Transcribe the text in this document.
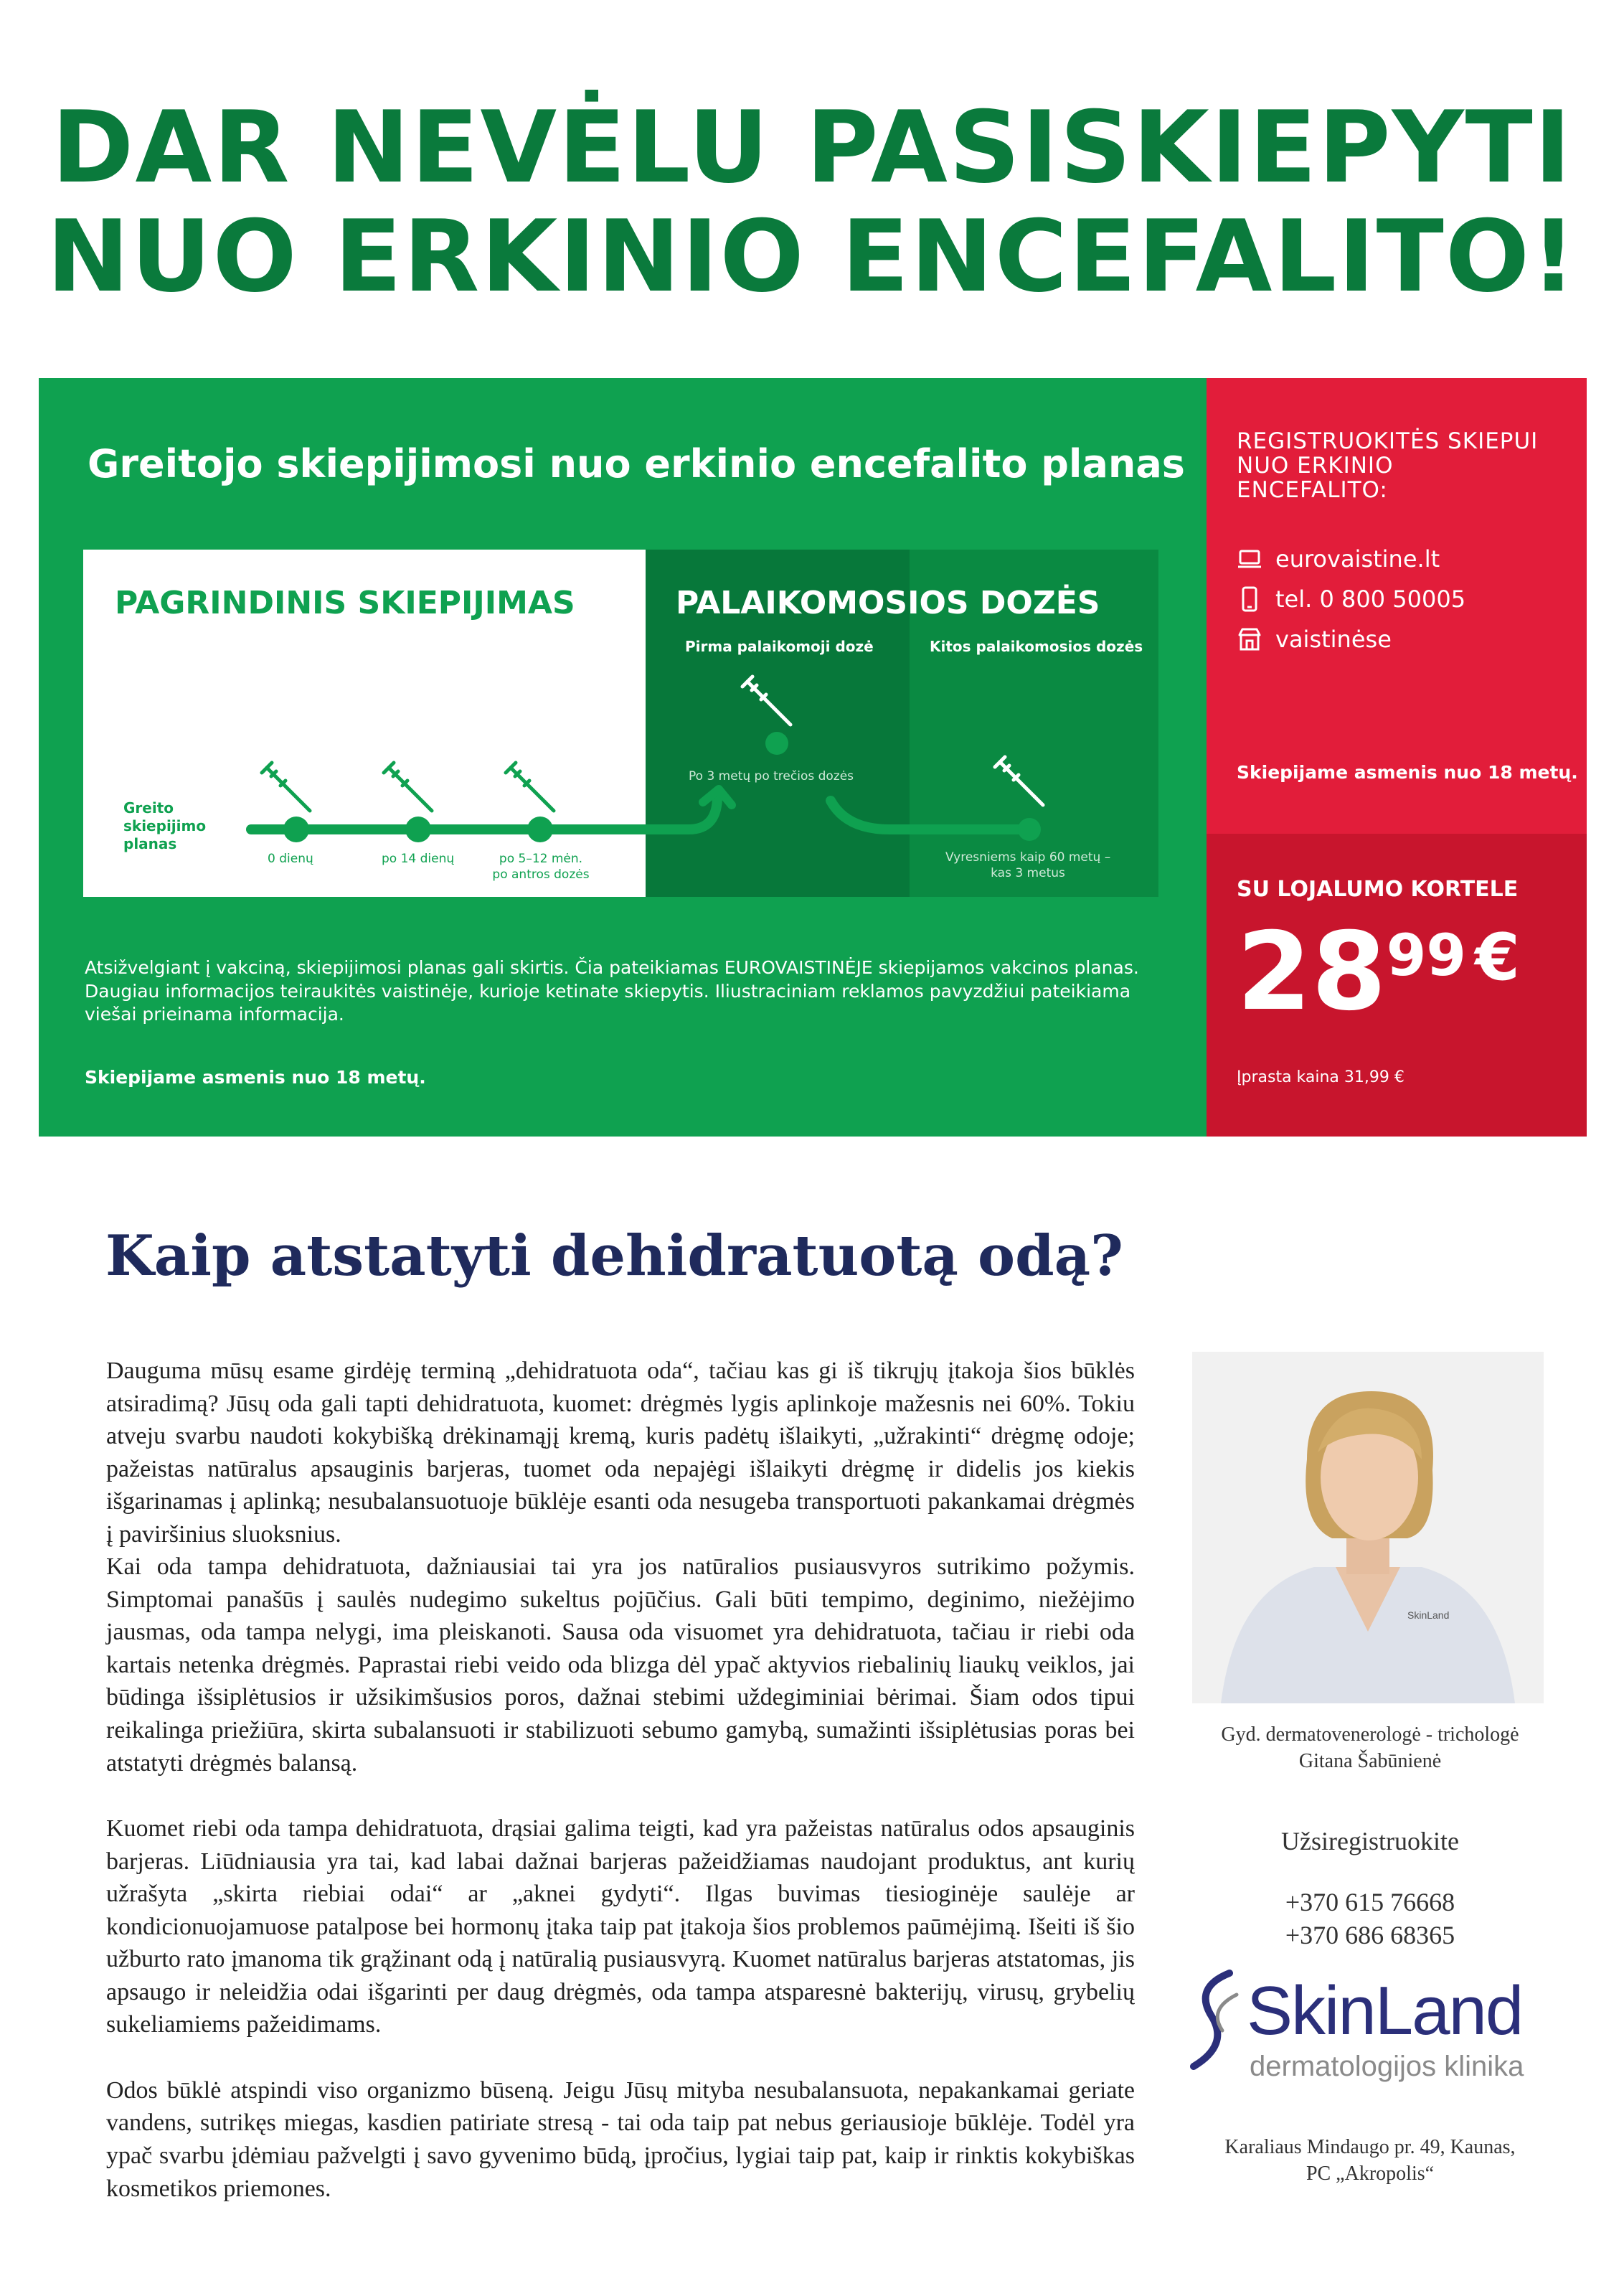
DAR NEVĖLU PASISKIEPYTI
NUO ERKINIO ENCEFALITO!
Greitojo skiepijimosi nuo erkinio encefalito planas
PAGRINDINIS SKIEPIJIMAS	PALAIKOMOSIOS DOZĖS
Pirma palaikomoji dozė	Kitos palaikomosios dozės
Greito skiepijimo planas
0 dienų	po 14 dienų	po 5–12 mėn.
po antros dozės
Po 3 metų po trečios dozės
Vyresniems kaip 60 metų –
kas 3 metus
Atsižvelgiant į vakciną, skiepijimosi planas gali skirtis. Čia pateikiamas EUROVAISTINĖJE skiepijamos vakcinos planas. Daugiau informacijos teiraukitės vaistinėje, kurioje ketinate skiepytis. Iliustraciniam reklamos pavyzdžiui pateikiama viešai prieinama informacija.
Skiepijame asmenis nuo 18 metų.
REGISTRUOKITĖS SKIEPUI NUO ERKINIO ENCEFALITO:
eurovaistine.lt
tel. 0 800 50005
vaistinėse
Skiepijame asmenis nuo 18 metų.
SU LOJALUMO KORTELE
2899 €
Įprasta kaina 31,99 €
Kaip atstatyti dehidratuotą odą?

Dauguma mūsų esame girdėję terminą „dehidratuota oda“, tačiau kas gi iš tikrųjų įtakoja šios būklės atsiradimą? Jūsų oda gali tapti dehidratuota, kuomet: drėgmės lygis aplinkoje mažesnis nei 60%. Tokiu atveju svarbu naudoti kokybišką drėkinamąjį kremą, kuris padėtų išlaikyti, „užrakinti“ drėgmę odoje; pažeistas natūralus apsauginis barjeras, tuomet oda nepajėgi išlaikyti drėgmę ir didelis jos kiekis išgarinamas į aplinką; nesubalansuotuoje būklėje esanti oda nesugeba transportuoti pakankamai drėgmės į paviršinius sluoksnius.

Kai oda tampa dehidratuota, dažniausiai tai yra jos natūralios pusiausvyros sutrikimo požymis. Simptomai panašūs į saulės nudegimo sukeltus pojūčius. Gali būti tempimo, deginimo, niežėjimo jausmas, oda tampa nelygi, ima pleiskanoti. Sausa oda visuomet yra dehidratuota, tačiau ir riebi oda kartais netenka drėgmės. Paprastai riebi veido oda blizga dėl ypač aktyvios riebalinių liaukų veiklos, jai būdinga išsiplėtusios ir užsikimšusios poros, dažnai stebimi uždegiminiai bėrimai. Šiam odos tipui reikalinga priežiūra, skirta subalansuoti ir stabilizuoti sebumo gamybą, sumažinti išsiplėtusias poras bei atstatyti drėgmės balansą.

Kuomet riebi oda tampa dehidratuota, drąsiai galima teigti, kad yra pažeistas natūralus odos apsauginis barjeras. Liūdniausia yra tai, kad labai dažnai barjeras pažeidžiamas naudojant produktus, ant kurių užrašyta „skirta riebiai odai“ ar „aknei gydyti“. Ilgas buvimas tiesioginėje saulėje ar kondicionuojamuose patalpose bei hormonų įtaka taip pat įtakoja šios problemos paūmėjimą. Išeiti iš šio užburto rato įmanoma tik grąžinant odą į natūralią pusiausvyrą. Kuomet natūralus barjeras atstatomas, jis apsaugo ir neleidžia odai išgarinti per daug drėgmės, oda tampa atsparesnė bakterijų, virusų, grybelių sukeliamiems pažeidimams.

Odos būklė atspindi viso organizmo būseną. Jeigu Jūsų mityba nesubalansuota, nepakankamai geriate vandens, sutrikęs miegas, kasdien patiriate stresą - tai oda taip pat nebus geriausioje būklėje. Todėl yra ypač svarbu įdėmiau pažvelgti į savo gyvenimo būdą, įpročius, lygiai taip pat, kaip ir rinktis kokybiškas kosmetikos priemones.

SkinLand
Gyd. dermatovenerologė - trichologė
Gitana Šabūnienė
Užsiregistruokite
+370 615 76668
+370 686 68365
SkinLand
dermatologijos klinika
Karaliaus Mindaugo pr. 49, Kaunas,
PC „Akropolis“
